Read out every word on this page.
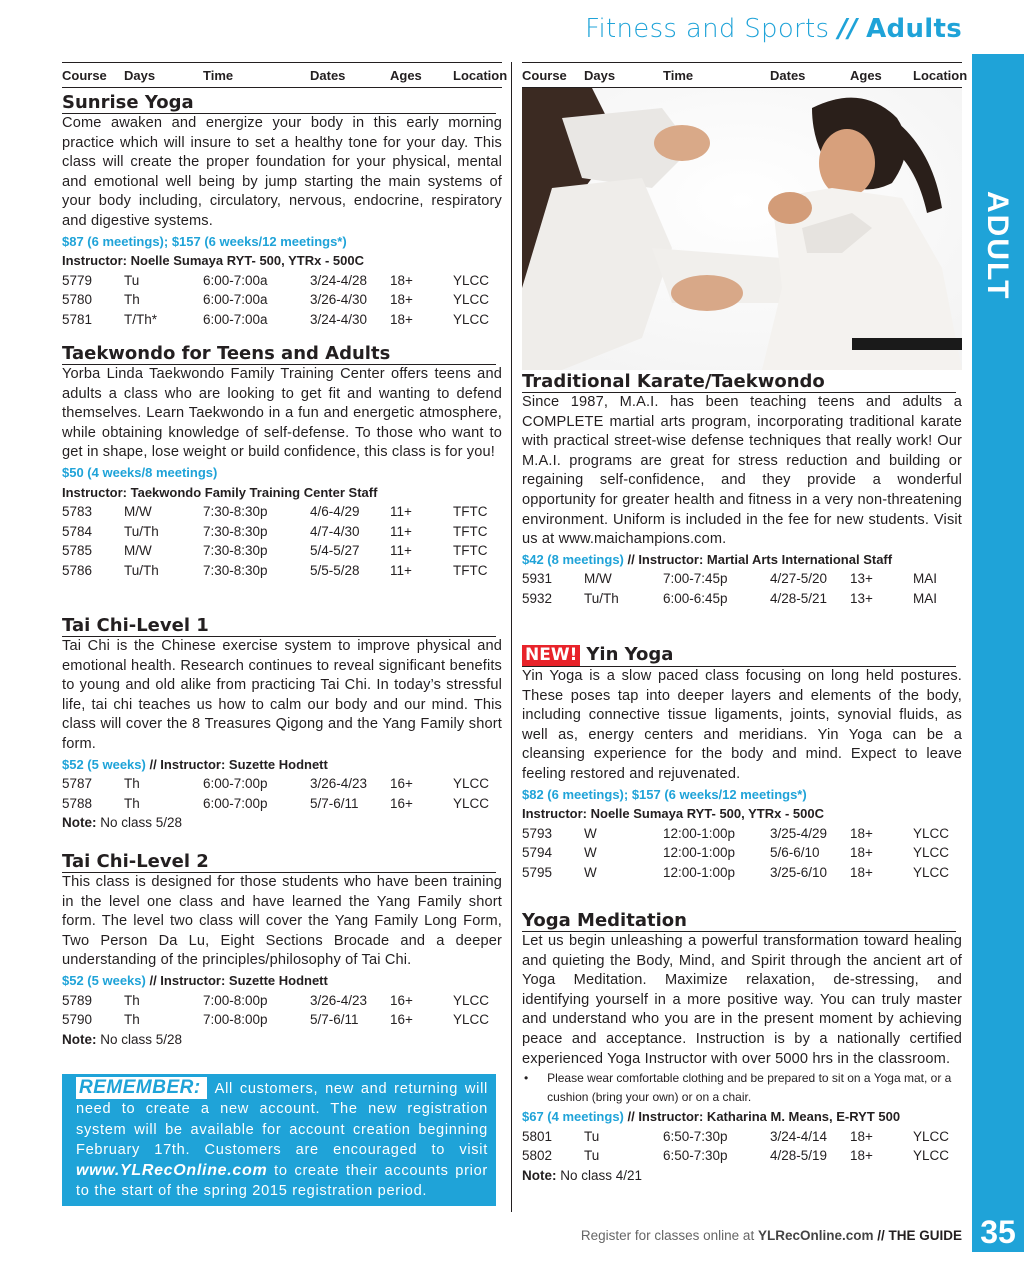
Fitness and Sports // Adults
Course	Days	Time	Dates	Ages	Location
Sunrise Yoga
Come awaken and energize your body in this early morning practice which will insure to set a healthy tone for your day. This class will create the proper foundation for your physical, mental and emotional well being by jump starting the main systems of your body including, circulatory, nervous, endocrine, respiratory and digestive systems.
$87 (6 meetings); $157 (6 weeks/12 meetings*)
Instructor: Noelle Sumaya RYT- 500, YTRx - 500C
5779	Tu	6:00-7:00a	3/24-4/28	18+	YLCC
5780	Th	6:00-7:00a	3/26-4/30	18+	YLCC
5781	T/Th*	6:00-7:00a	3/24-4/30	18+	YLCC
Taekwondo for Teens and Adults
Yorba Linda Taekwondo Family Training Center offers teens and adults a class who are looking to get fit and wanting to defend themselves. Learn Taekwondo in a fun and energetic atmosphere, while obtaining knowledge of self-defense. To those who want to get in shape, lose weight or build confidence, this class is for you!
$50 (4 weeks/8 meetings)
Instructor: Taekwondo Family Training Center Staff
5783	M/W	7:30-8:30p	4/6-4/29	11+	TFTC
5784	Tu/Th	7:30-8:30p	4/7-4/30	11+	TFTC
5785	M/W	7:30-8:30p	5/4-5/27	11+	TFTC
5786	Tu/Th	7:30-8:30p	5/5-5/28	11+	TFTC
Tai Chi-Level 1
Tai Chi is the Chinese exercise system to improve physical and emotional health. Research continues to reveal significant benefits to young and old alike from practicing Tai Chi. In today’s stressful life, tai chi teaches us how to calm our body and our mind. This class will cover the 8 Treasures Qigong and the Yang Family short form.
$52 (5 weeks) // Instructor: Suzette Hodnett
5787	Th	6:00-7:00p	3/26-4/23	16+	YLCC
5788	Th	6:00-7:00p	5/7-6/11	16+	YLCC
Note: No class 5/28
Tai Chi-Level 2
This class is designed for those students who have been training in the level one class and have learned the Yang Family short form. The level two class will cover the Yang Family Long Form, Two Person Da Lu, Eight Sections Brocade and a deeper understanding of the principles/philosophy of Tai Chi.
$52 (5 weeks) // Instructor: Suzette Hodnett
5789	Th	7:00-8:00p	3/26-4/23	16+	YLCC
5790	Th	7:00-8:00p	5/7-6/11	16+	YLCC
Note: No class 5/28
REMEMBER: All customers, new and returning will need to create a new account. The new registration system will be available for account creation beginning February 17th. Customers are encouraged to visit www.YLRecOnline.com to create their accounts prior to the start of the spring 2015 registration period.
Course	Days	Time	Dates	Ages	Location
Traditional Karate/Taekwondo
Since 1987, M.A.I. has been teaching teens and adults a COMPLETE martial arts program, incorporating traditional karate with practical street-wise defense techniques that really work! Our M.A.I. programs are great for stress reduction and building or regaining self-confidence, and they provide a wonderful opportunity for greater health and fitness in a very non-threatening environment. Uniform is included in the fee for new students. Visit us at www.maichampions.com.
$42 (8 meetings) // Instructor: Martial Arts International Staff
5931	M/W	7:00-7:45p	4/27-5/20	13+	MAI
5932	Tu/Th	6:00-6:45p	4/28-5/21	13+	MAI
NEW! Yin Yoga
Yin Yoga is a slow paced class focusing on long held postures. These poses tap into deeper layers and elements of the body, including connective tissue ligaments, joints, synovial fluids, as well as, energy centers and meridians. Yin Yoga can be a cleansing experience for the body and mind. Expect to leave feeling restored and rejuvenated.
$82 (6 meetings); $157 (6 weeks/12 meetings*)
Instructor: Noelle Sumaya RYT- 500, YTRx - 500C
5793	W	12:00-1:00p	3/25-4/29	18+	YLCC
5794	W	12:00-1:00p	5/6-6/10	18+	YLCC
5795	W	12:00-1:00p	3/25-6/10	18+	YLCC
Yoga Meditation
Let us begin unleashing a powerful transformation toward healing and quieting the Body, Mind, and Spirit through the ancient art of Yoga Meditation. Maximize relaxation, de-stressing, and identifying yourself in a more positive way. You can truly master and understand who you are in the present moment by achieving peace and acceptance. Instruction is by a nationally certified experienced Yoga Instructor with over 5000 hrs in the classroom.
•	Please wear comfortable clothing and be prepared to sit on a Yoga mat, or a cushion (bring your own) or on a chair.
$67 (4 meetings) // Instructor: Katharina M. Means, E-RYT 500
5801	Tu	6:50-7:30p	3/24-4/14	18+	YLCC
5802	Tu	6:50-7:30p	4/28-5/19	18+	YLCC
Note: No class 4/21
ADULT
35
Register for classes online at YLRecOnline.com // THE GUIDE
